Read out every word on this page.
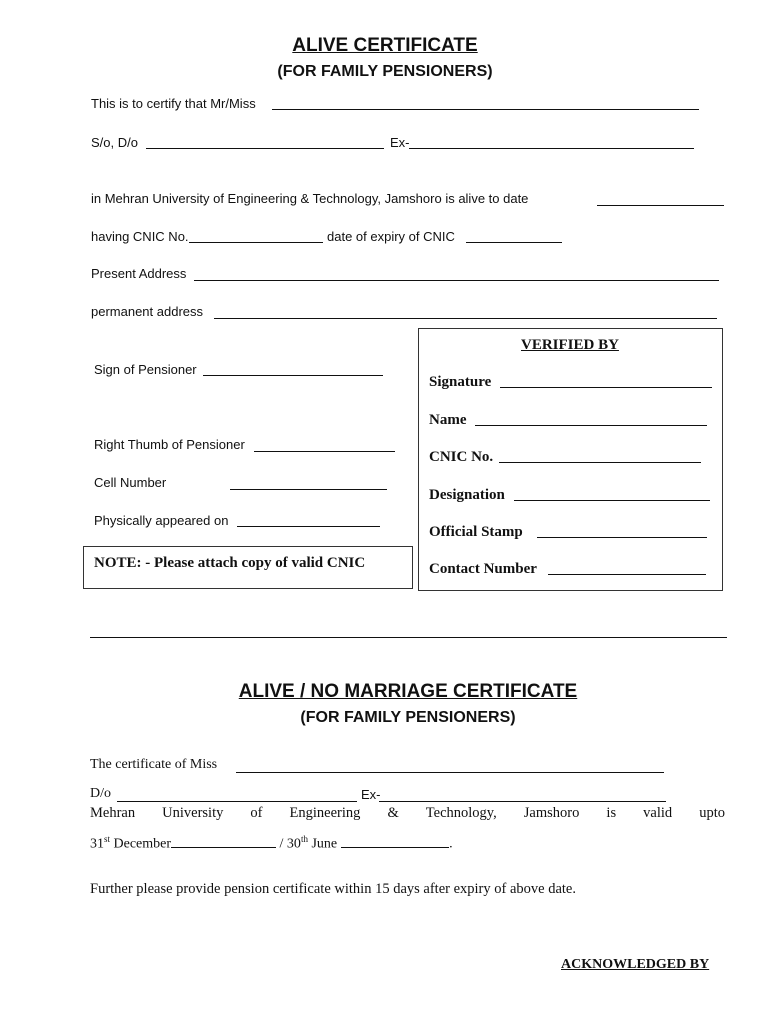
ALIVE CERTIFICATE
(FOR FAMILY PENSIONERS)
This is to certify that Mr/Miss
S/o, D/o	Ex-
in Mehran University of Engineering & Technology, Jamshoro is alive to date
having CNIC No.	date of expiry of CNIC
Present Address
permanent address
Sign of Pensioner
Right Thumb of Pensioner
Cell Number
Physically appeared on
NOTE: - Please attach copy of valid CNIC
VERIFIED BY
Signature
Name
CNIC No.
Designation
Official Stamp
Contact Number
ALIVE / NO MARRIAGE CERTIFICATE
(FOR FAMILY PENSIONERS)
The certificate of Miss
D/o	Ex-
Mehran University of Engineering & Technology, Jamshoro is valid upto
31st December	/ 30th June	.
Further please provide pension certificate within 15 days after expiry of above date.
ACKNOWLEDGED BY
